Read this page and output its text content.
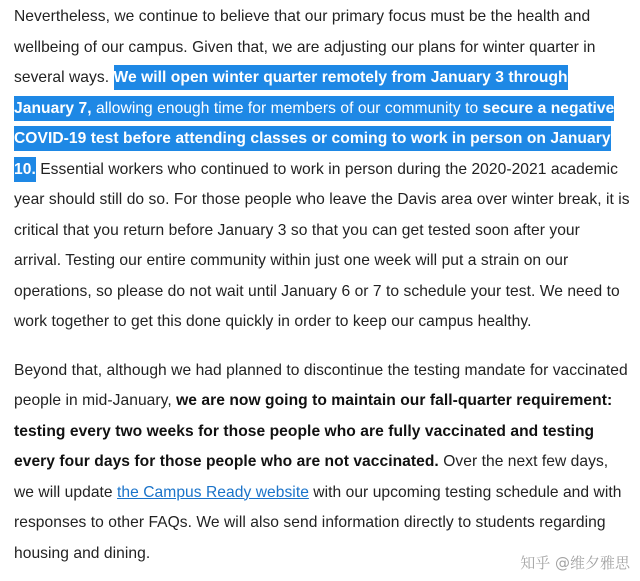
Nevertheless, we continue to believe that our primary focus must be the health and wellbeing of our campus. Given that, we are adjusting our plans for winter quarter in several ways. We will open winter quarter remotely from January 3 through January 7, allowing enough time for members of our community to secure a negative COVID-19 test before attending classes or coming to work in person on January 10. Essential workers who continued to work in person during the 2020-2021 academic year should still do so. For those people who leave the Davis area over winter break, it is critical that you return before January 3 so that you can get tested soon after your arrival. Testing our entire community within just one week will put a strain on our operations, so please do not wait until January 6 or 7 to schedule your test. We need to work together to get this done quickly in order to keep our campus healthy.

Beyond that, although we had planned to discontinue the testing mandate for vaccinated people in mid-January, we are now going to maintain our fall-quarter requirement: testing every two weeks for those people who are fully vaccinated and testing every four days for those people who are not vaccinated. Over the next few days, we will update the Campus Ready website with our upcoming testing schedule and with responses to other FAQs. We will also send information directly to students regarding housing and dining.

知乎 @维夕雅思
